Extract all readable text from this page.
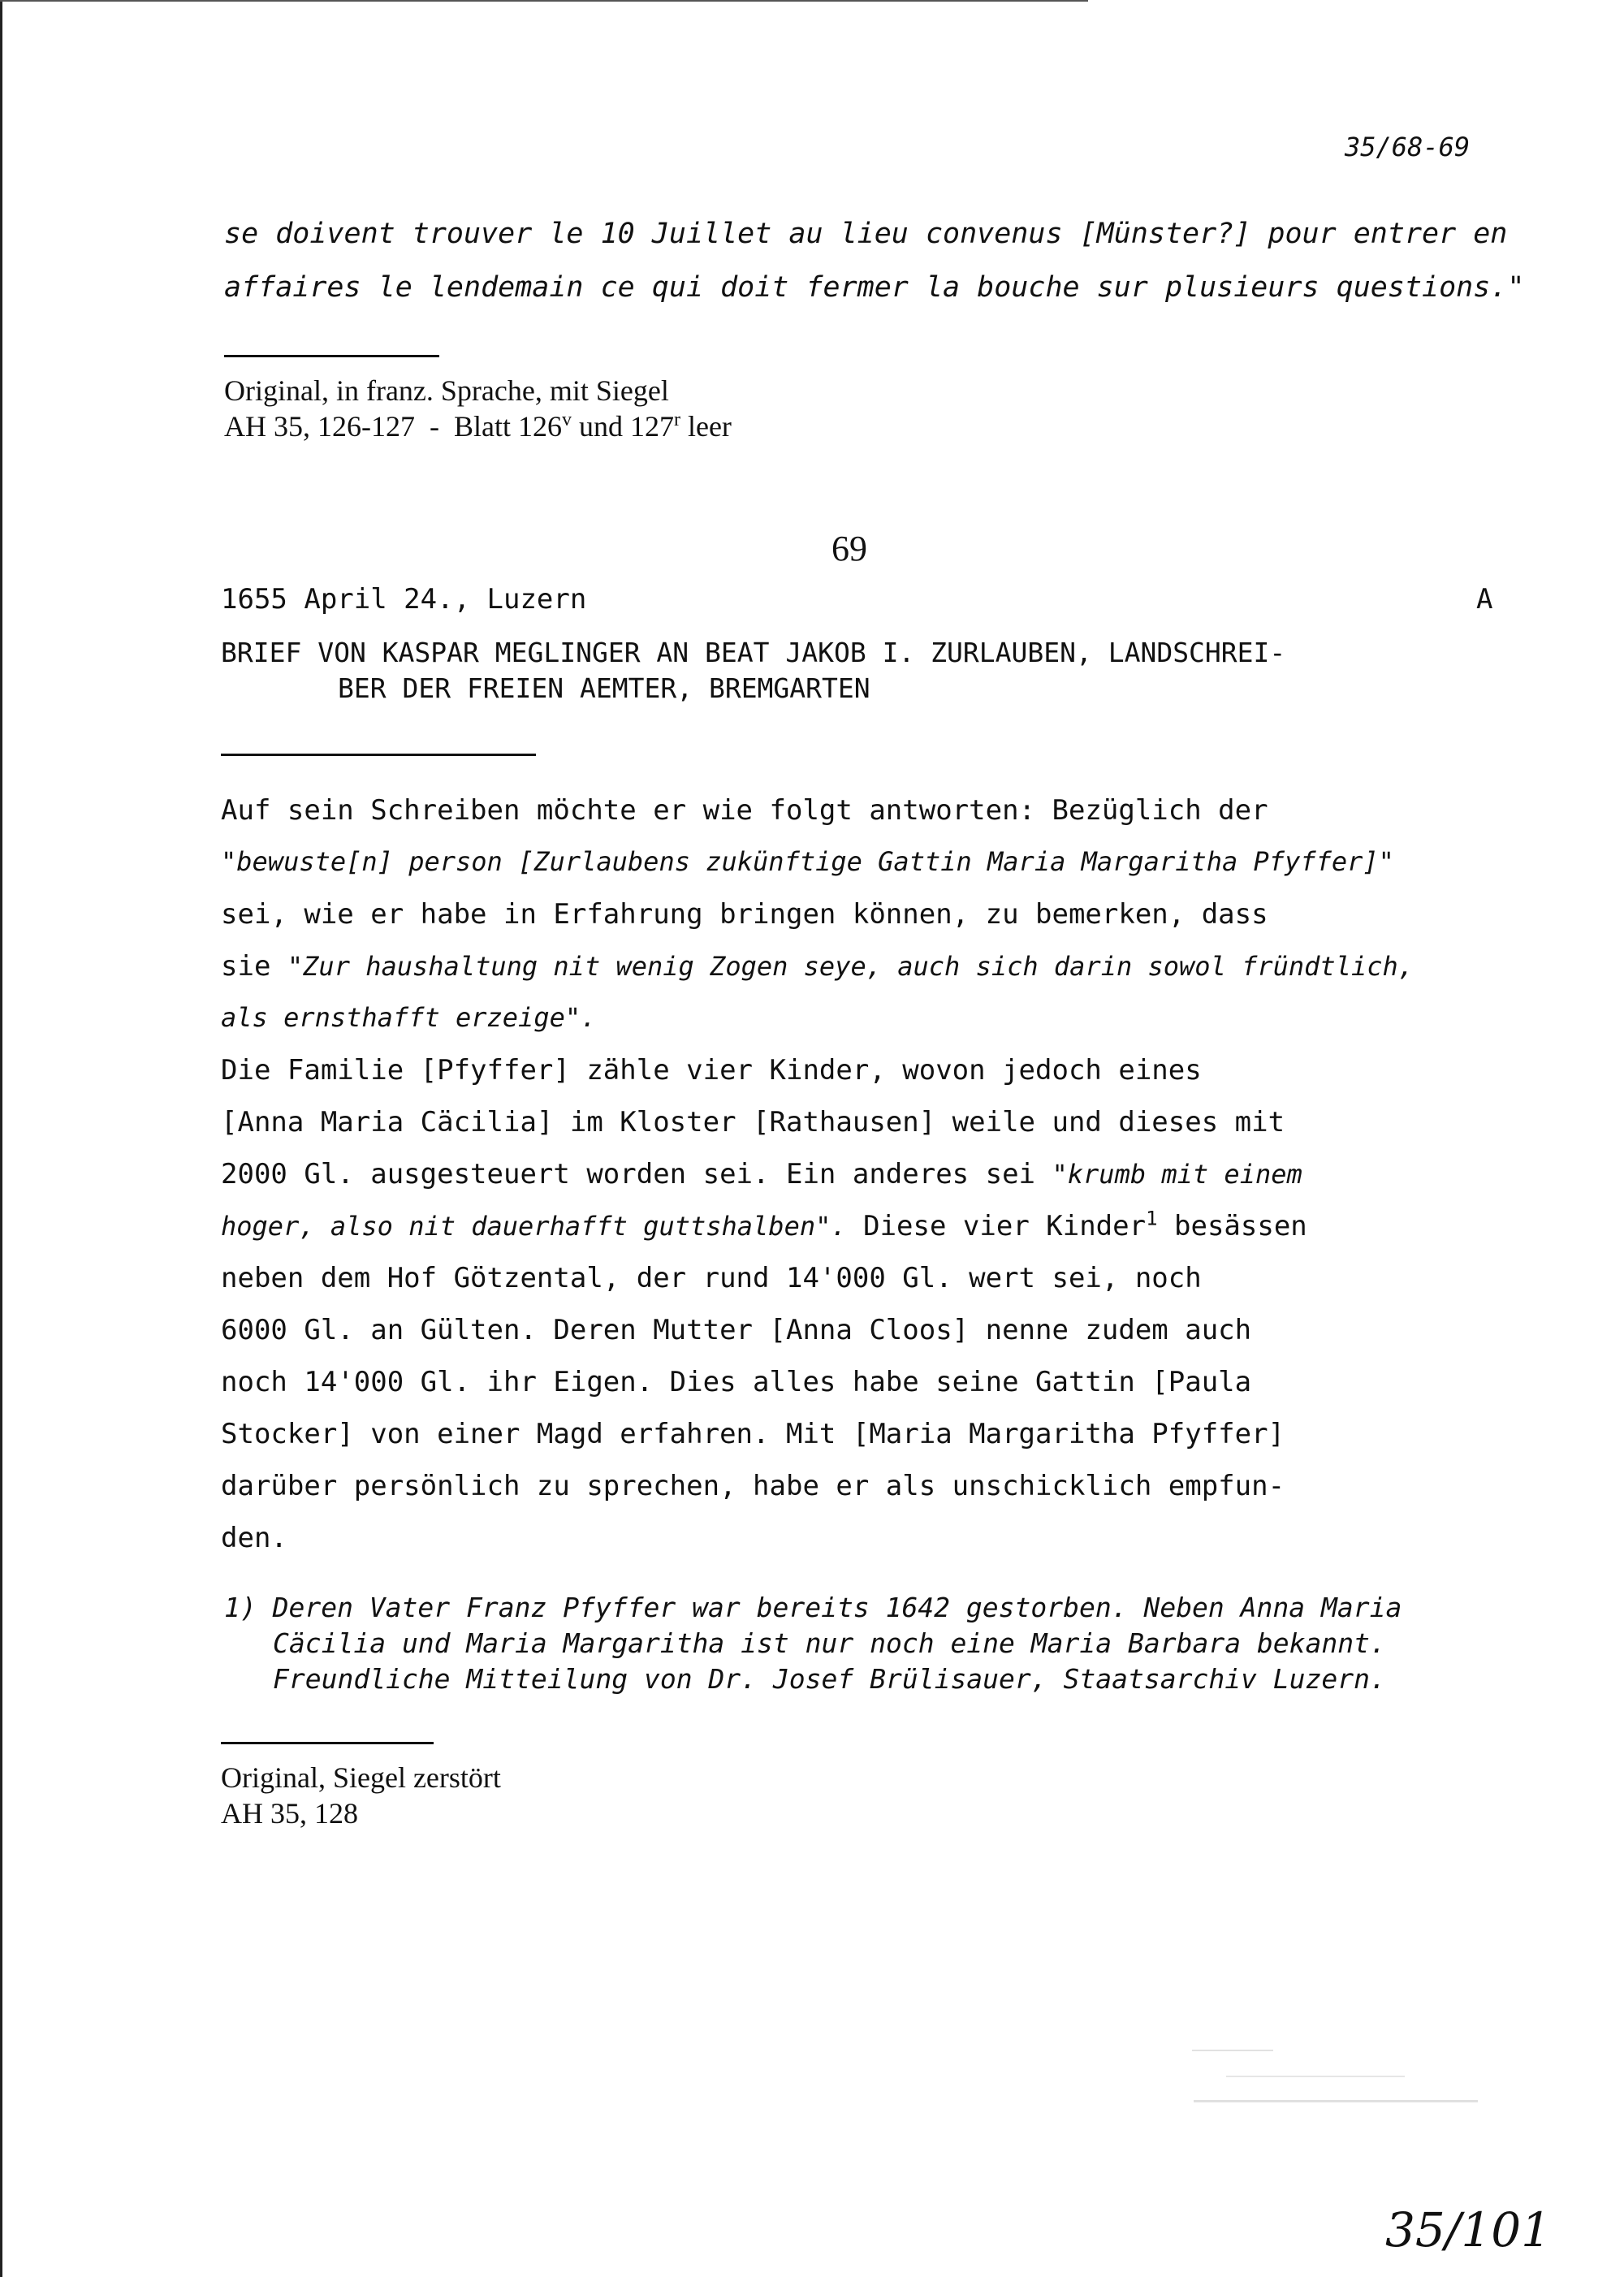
35/68-69
se doivent trouver le 10 Juillet au lieu convenus [Münster?] pour entrer en
affaires le lendemain ce qui doit fermer la bouche sur plusieurs questions."
Original, in franz. Sprache, mit Siegel
AH 35, 126-127  -  Blatt 126$^v$ und 127$^r$ leer
69
1655 April 24., Luzern	A
BRIEF VON KASPAR MEGLINGER AN BEAT JAKOB I. ZURLAUBEN, LANDSCHREI-
BER DER FREIEN AEMTER, BREMGARTEN
Auf sein Schreiben möchte er wie folgt antworten: Bezüglich der
"bewuste[n] person [Zurlaubens zukünftige Gattin Maria Margaritha Pfyffer]"
sei, wie er habe in Erfahrung bringen können, zu bemerken, dass
sie "Zur haushaltung nit wenig Zogen seye, auch sich darin sowol fründtlich,
als ernsthafft erzeige".
Die Familie [Pfyffer] zähle vier Kinder, wovon jedoch eines
[Anna Maria Cäcilia] im Kloster [Rathausen] weile und dieses mit
2000 Gl. ausgesteuert worden sei. Ein anderes sei "krumb mit einem
hoger, also nit dauerhafft guttshalben". Diese vier Kinder$^1$ besässen
neben dem Hof Götzental, der rund 14'000 Gl. wert sei, noch
6000 Gl. an Gülten. Deren Mutter [Anna Cloos] nenne zudem auch
noch 14'000 Gl. ihr Eigen. Dies alles habe seine Gattin [Paula
Stocker] von einer Magd erfahren. Mit [Maria Margaritha Pfyffer]
darüber persönlich zu sprechen, habe er als unschicklich empfun-
den.
1) Deren Vater Franz Pfyffer war bereits 1642 gestorben. Neben Anna Maria
Cäcilia und Maria Margaritha ist nur noch eine Maria Barbara bekannt.
Freundliche Mitteilung von Dr. Josef Brülisauer, Staatsarchiv Luzern.
Original, Siegel zerstört
AH 35, 128
35/101
